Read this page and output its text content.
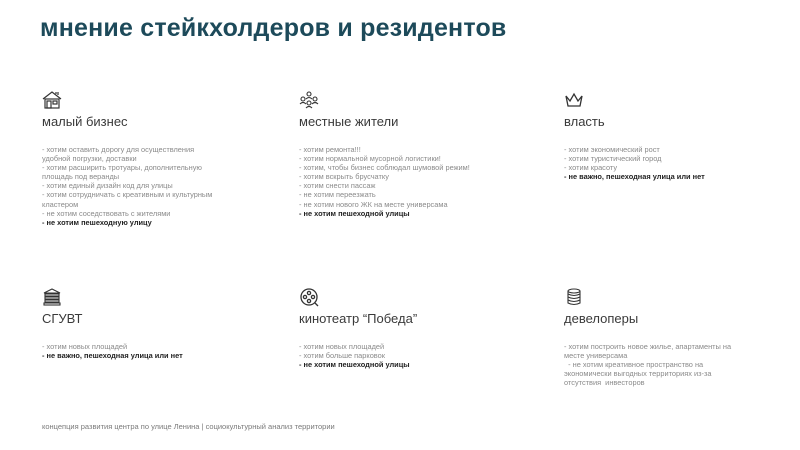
мнение стейкхолдеров и резидентов
малый бизнес
- хотим оставить дорогу для осуществления
удобной погрузки, доставки
- хотим расширить тротуары, дополнительную
площадь под веранды
- хотим единый дизайн код для улицы
- хотим сотрудничать с креативным и культурным
кластером
- не хотим соседствовать с жителями
- не хотим пешеходную улицу
местные жители
- хотим ремонта!!!
- хотим нормальной мусорной логистики!
- хотим, чтобы бизнес соблюдал шумовой режим!
- хотим вскрыть брусчатку
- хотим снести пассаж
- не хотим переезжать
- не хотим нового ЖК на месте универсама
- не хотим пешеходной улицы
власть
- хотим экономический рост
- хотим туристический город
- хотим красоту
- не важно, пешеходная улица или нет
СГУВТ
- хотим новых площадей
- не важно, пешеходная улица или нет
кинотеатр “Победа”
- хотим новых площадей
- хотим больше парковок
- не хотим пешеходной улицы
девелоперы
- хотим построить новое жилье, апартаменты на
месте универсама
- не хотим креативное пространство на
экономически выгодных территориях из-за
отсутствия  инвесторов
концепция развития центра по улице Ленина | социокультурный анализ территории
